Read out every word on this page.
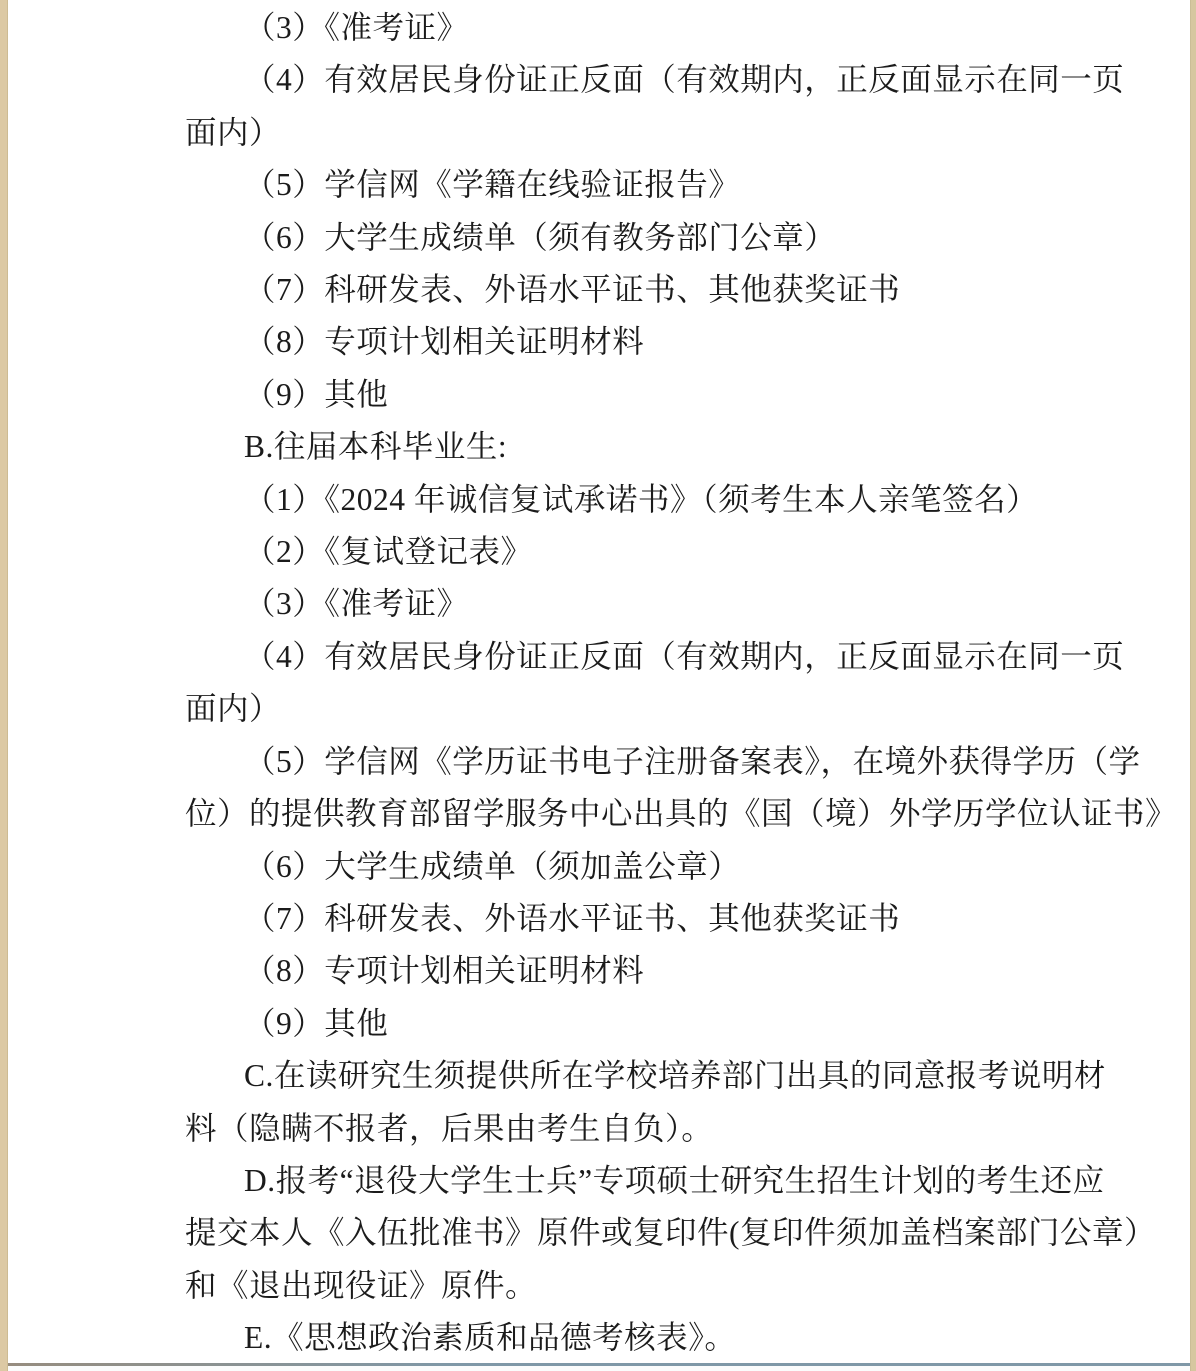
（3）《准考证》
（4）有效居民身份证正反面（有效期内，正反面显示在同一页
面内）
（5）学信网《学籍在线验证报告》
（6）大学生成绩单（须有教务部门公章）
（7）科研发表、外语水平证书、其他获奖证书
（8）专项计划相关证明材料
（9）其他
B.往届本科毕业生:
（1）《2024 年诚信复试承诺书》（须考生本人亲笔签名）
（2）《复试登记表》
（3）《准考证》
（4）有效居民身份证正反面（有效期内，正反面显示在同一页
面内）
（5）学信网《学历证书电子注册备案表》，在境外获得学历（学
位）的提供教育部留学服务中心出具的《国（境）外学历学位认证书》
（6）大学生成绩单（须加盖公章）
（7）科研发表、外语水平证书、其他获奖证书
（8）专项计划相关证明材料
（9）其他
C.在读研究生须提供所在学校培养部门出具的同意报考说明材
料（隐瞒不报者，后果由考生自负）。
D.报考“退役大学生士兵”专项硕士研究生招生计划的考生还应
提交本人《入伍批准书》原件或复印件(复印件须加盖档案部门公章）
和《退出现役证》原件。
E.《思想政治素质和品德考核表》。
